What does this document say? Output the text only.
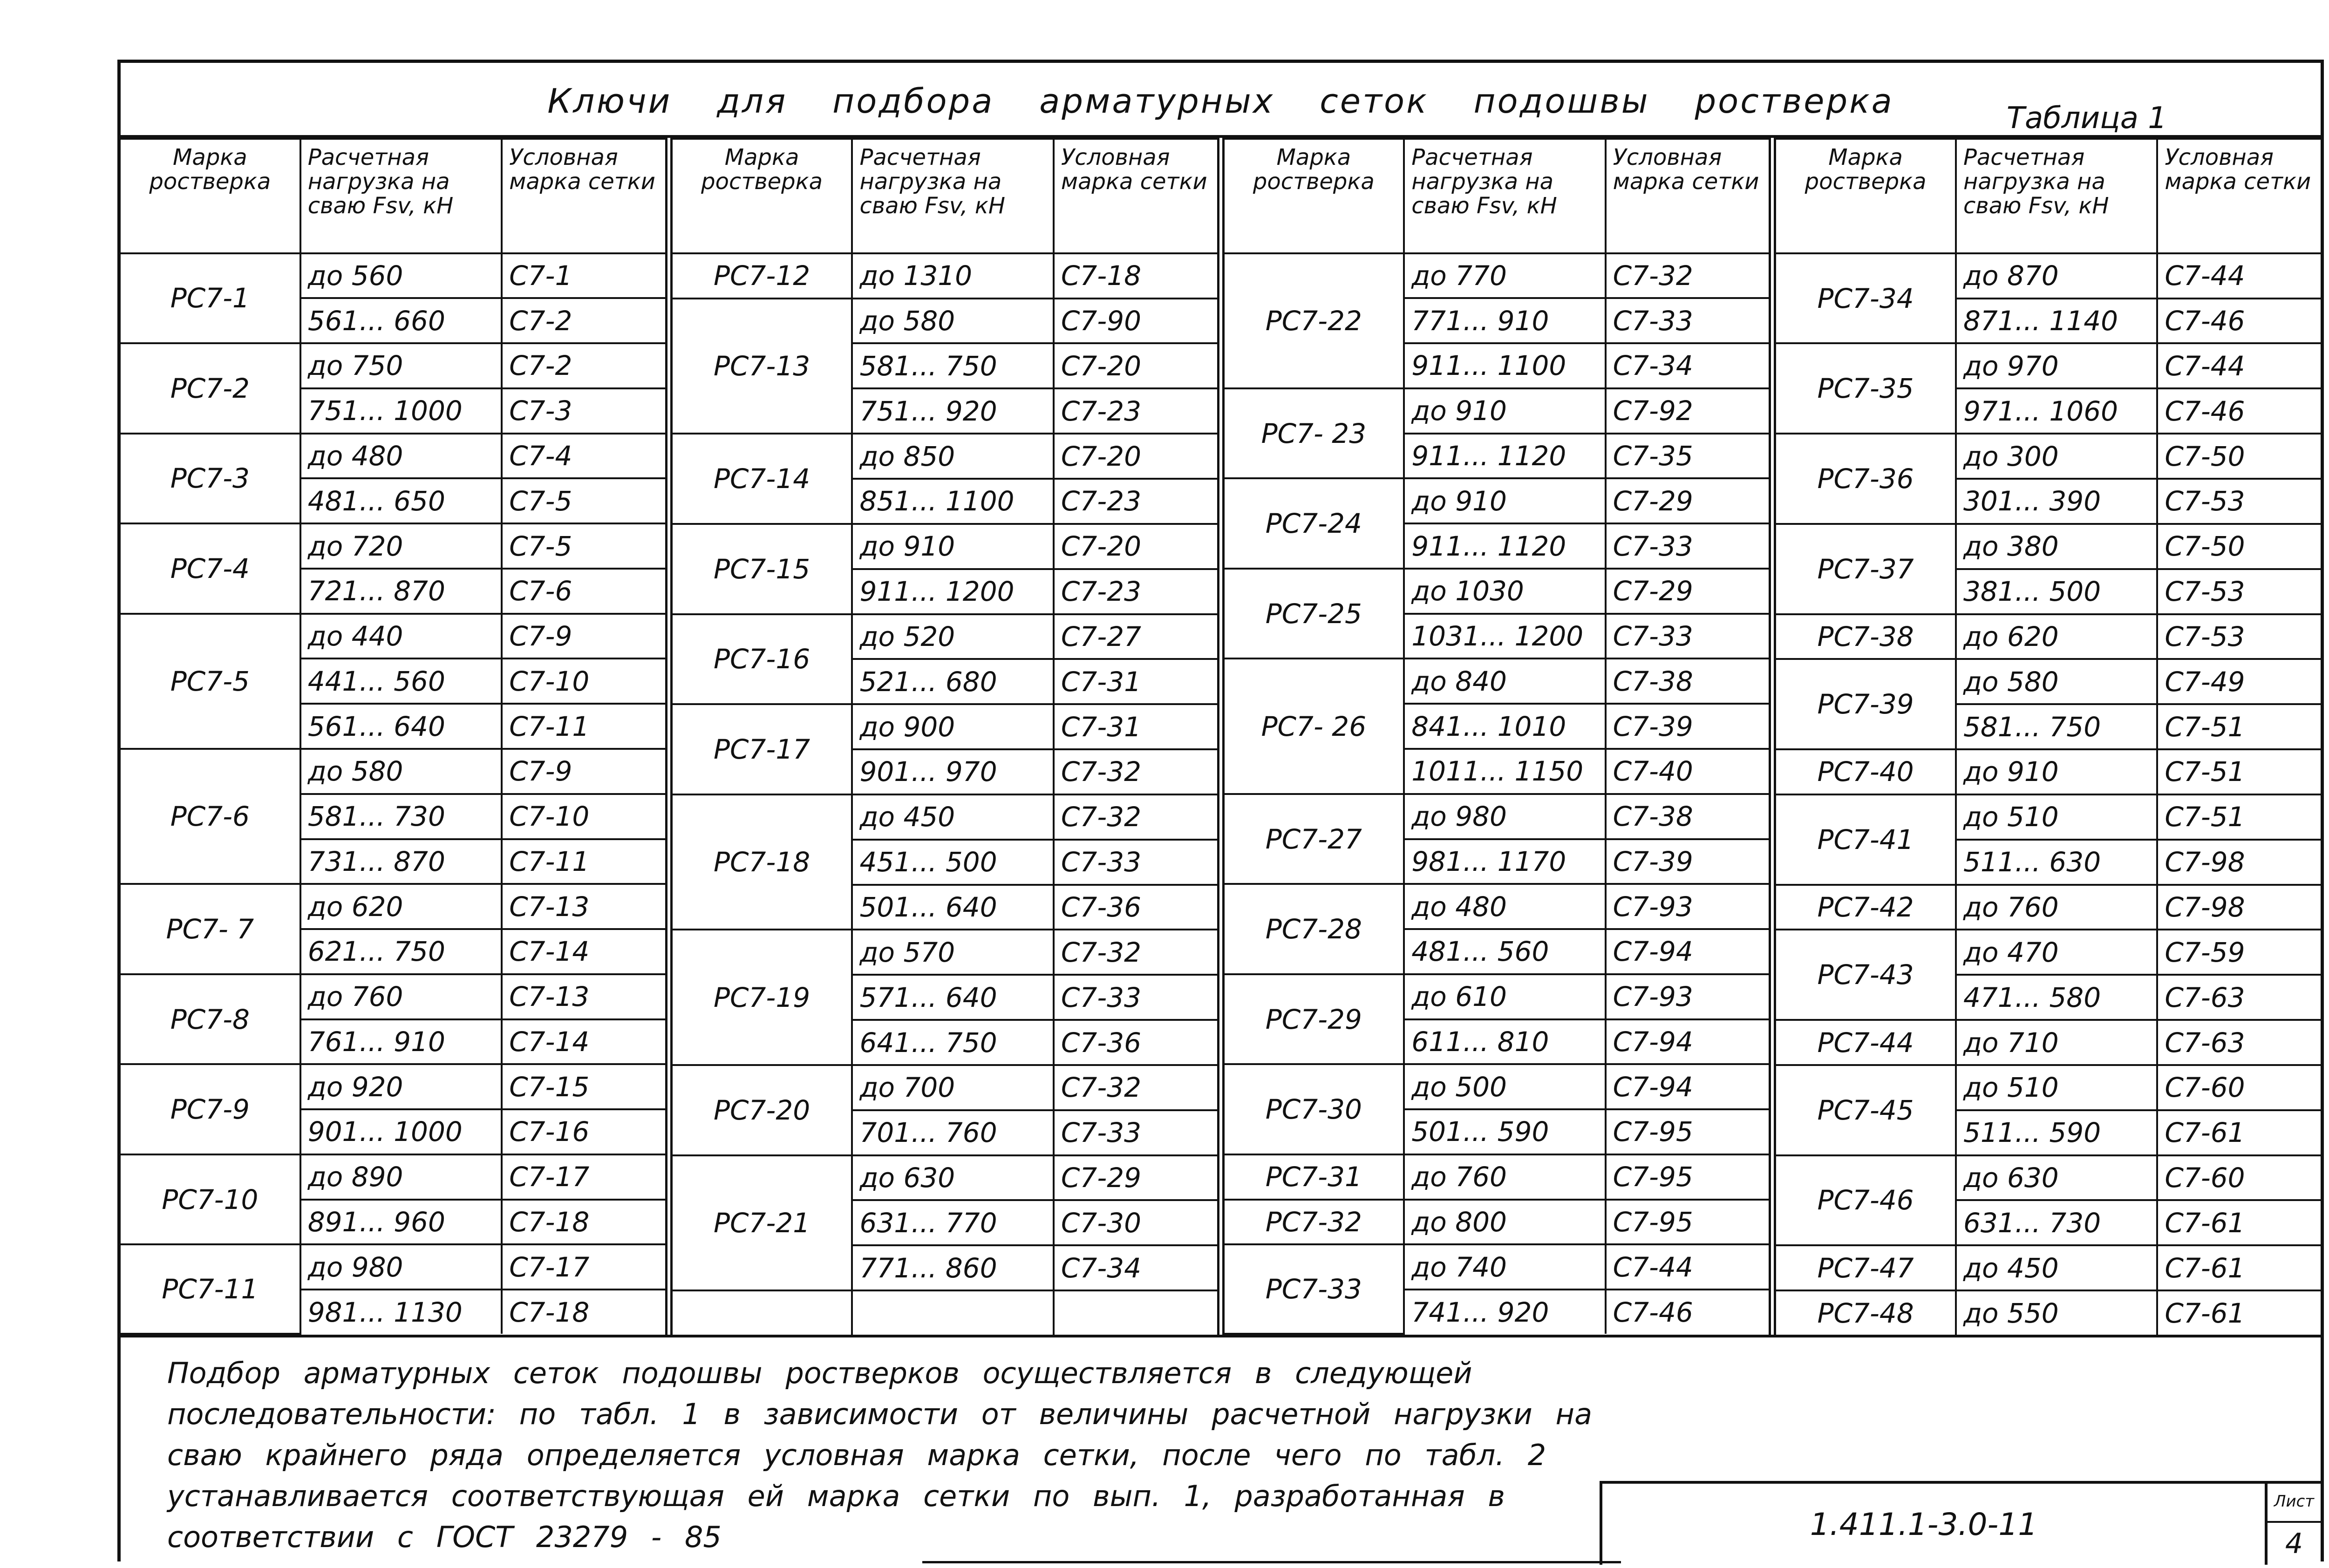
Ключи для подбора арматурных сеток подошвы ростверка	Таблица 1
Марка ростверка	Расчетная нагрузка на сваю Fsv, кН	Условная марка сетки
РС7-1	до 560	С7-1
	561... 660	С7-2
РС7-2	до 750	С7-2
	751... 1000	С7-3
РС7-3	до 480	С7-4
	481... 650	С7-5
РС7-4	до 720	С7-5
	721... 870	С7-6
РС7-5	до 440	С7-9
	441... 560	С7-10
	561... 640	С7-11
РС7-6	до 580	С7-9
	581... 730	С7-10
	731... 870	С7-11
РС7- 7	до 620	С7-13
	621... 750	С7-14
РС7-8	до 760	С7-13
	761... 910	С7-14
РС7-9	до 920	С7-15
	901... 1000	С7-16
РС7-10	до 890	С7-17
	891... 960	С7-18
РС7-11	до 980	С7-17
	981... 1130	С7-18
Марка ростверка	Расчетная нагрузка на сваю Fsv, кН	Условная марка сетки
РС7-12	до 1310	С7-18
РС7-13	до 580	С7-90
	581... 750	С7-20
	751... 920	С7-23
РС7-14	до 850	С7-20
	851... 1100	С7-23
РС7-15	до 910	С7-20
	911... 1200	С7-23
РС7-16	до 520	С7-27
	521... 680	С7-31
РС7-17	до 900	С7-31
	901... 970	С7-32
РС7-18	до 450	С7-32
	451... 500	С7-33
	501... 640	С7-36
РС7-19	до 570	С7-32
	571... 640	С7-33
	641... 750	С7-36
РС7-20	до 700	С7-32
	701... 760	С7-33
РС7-21	до 630	С7-29
	631... 770	С7-30
	771... 860	С7-34

Марка ростверка	Расчетная нагрузка на сваю Fsv, кН	Условная марка сетки
РС7-22	до 770	С7-32
	771... 910	С7-33
	911... 1100	С7-34
РС7- 23	до 910	С7-92
	911... 1120	С7-35
РС7-24	до 910	С7-29
	911... 1120	С7-33
РС7-25	до 1030	С7-29
	1031... 1200	С7-33
РС7- 26	до 840	С7-38
	841... 1010	С7-39
	1011... 1150	С7-40
РС7-27	до 980	С7-38
	981... 1170	С7-39
РС7-28	до 480	С7-93
	481... 560	С7-94
РС7-29	до 610	С7-93
	611... 810	С7-94
РС7-30	до 500	С7-94
	501... 590	С7-95
РС7-31	до 760	С7-95
РС7-32	до 800	С7-95
РС7-33	до 740	С7-44
	741... 920	С7-46
Марка ростверка	Расчетная нагрузка на сваю Fsv, кН	Условная марка сетки
РС7-34	до 870	С7-44
	871... 1140	С7-46
РС7-35	до 970	С7-44
	971... 1060	С7-46
РС7-36	до 300	С7-50
	301... 390	С7-53
РС7-37	до 380	С7-50
	381... 500	С7-53
РС7-38	до 620	С7-53
РС7-39	до 580	С7-49
	581... 750	С7-51
РС7-40	до 910	С7-51
РС7-41	до 510	С7-51
	511... 630	С7-98
РС7-42	до 760	С7-98
РС7-43	до 470	С7-59
	471... 580	С7-63
РС7-44	до 710	С7-63
РС7-45	до 510	С7-60
	511... 590	С7-61
РС7-46	до 630	С7-60
	631... 730	С7-61
РС7-47	до 450	С7-61
РС7-48	до 550	С7-61
Подбор арматурных сеток подошвы ростверков осуществляется в следующей последовательности: по табл. 1 в зависимости от величины расчетной нагрузки на сваю крайнего ряда определяется условная марка сетки, после чего по табл. 2 устанавливается соответствующая ей марка сетки по вып. 1, разработанная в соответствии с ГОСТ 23279 - 85	1.411.1-3.0-11
Лист
4
